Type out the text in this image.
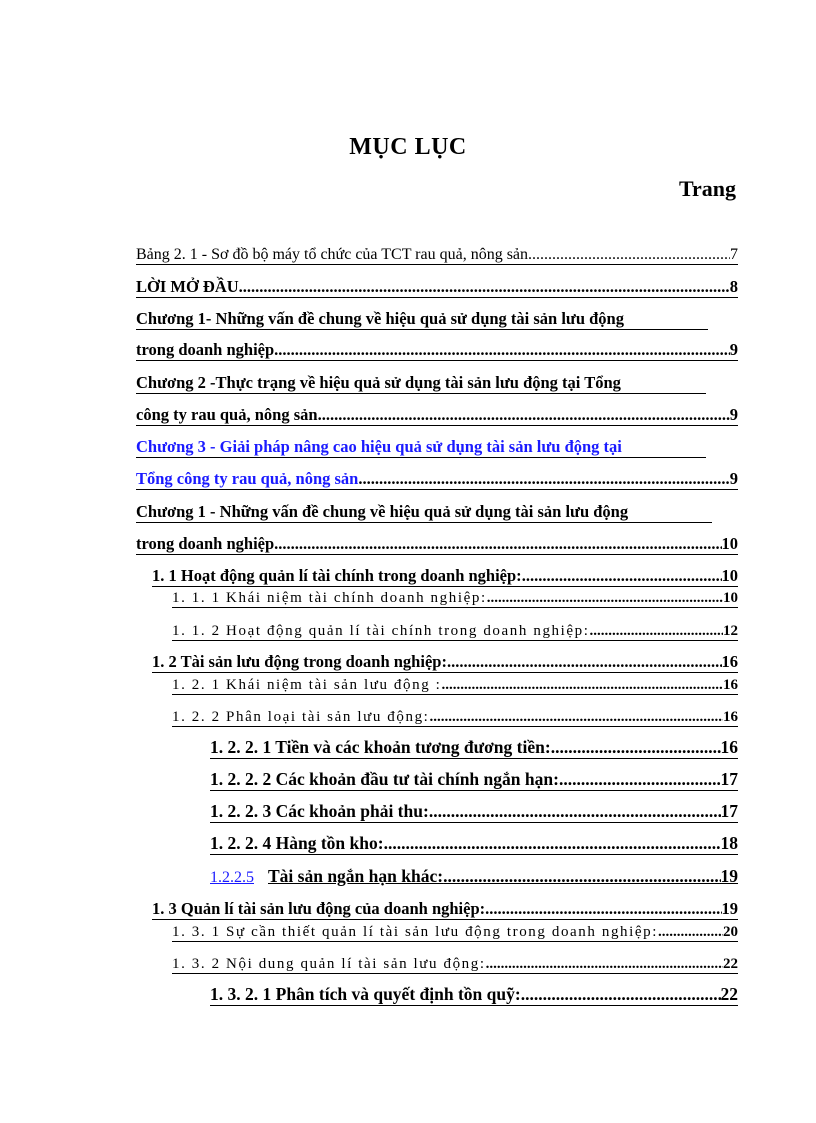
MỤC LỤC
Trang
Bảng 2. 1 - Sơ đồ bộ máy tổ chức của TCT rau quả, nông sản .....	7
LỜI MỞ ĐẦU .....	8
Chương 1- Những vấn đề chung về hiệu quả sử dụng tài sản lưu động
trong doanh nghiệp .....	9
Chương 2 -Thực trạng về hiệu quả sử dụng tài sản lưu động tại Tổng
công ty rau quả, nông sản .....	9
Chương 3 - Giải pháp nâng cao hiệu quả sử dụng tài sản lưu động tại
Tổng công ty rau quả, nông sản .....	9
Chương 1 - Những vấn đề chung về hiệu quả sử dụng tài sản lưu động
trong doanh nghiệp .....	10
1. 1 Hoạt động quản lí tài chính trong doanh nghiệp: .....	10
1. 1. 1 Khái niệm tài chính doanh nghiệp: .....	10
1. 1. 2 Hoạt động quản lí tài chính trong doanh nghiệp: .....	12
1. 2 Tài sản lưu động trong doanh nghiệp: .....	16
1. 2. 1 Khái niệm tài sản lưu động : .....	16
1. 2. 2 Phân loại tài sản lưu động: .....	16
1. 2. 2. 1 Tiền và các khoản tương đương tiền: .....	16
1. 2. 2. 2 Các khoản đầu tư tài chính ngắn hạn: .....	17
1. 2. 2. 3 Các khoản phải thu: .....	17
1. 2. 2. 4 Hàng tồn kho: .....	18
1.2.2.5 Tài sản ngắn hạn khác: .....	19
1. 3 Quản lí tài sản lưu động của doanh nghiệp: .....	19
1. 3. 1 Sự cần thiết quản lí tài sản lưu động trong doanh nghiệp: .....	20
1. 3. 2 Nội dung quản lí tài sản lưu động: .....	22
1. 3. 2. 1 Phân tích và quyết định tồn quỹ: .....	22
